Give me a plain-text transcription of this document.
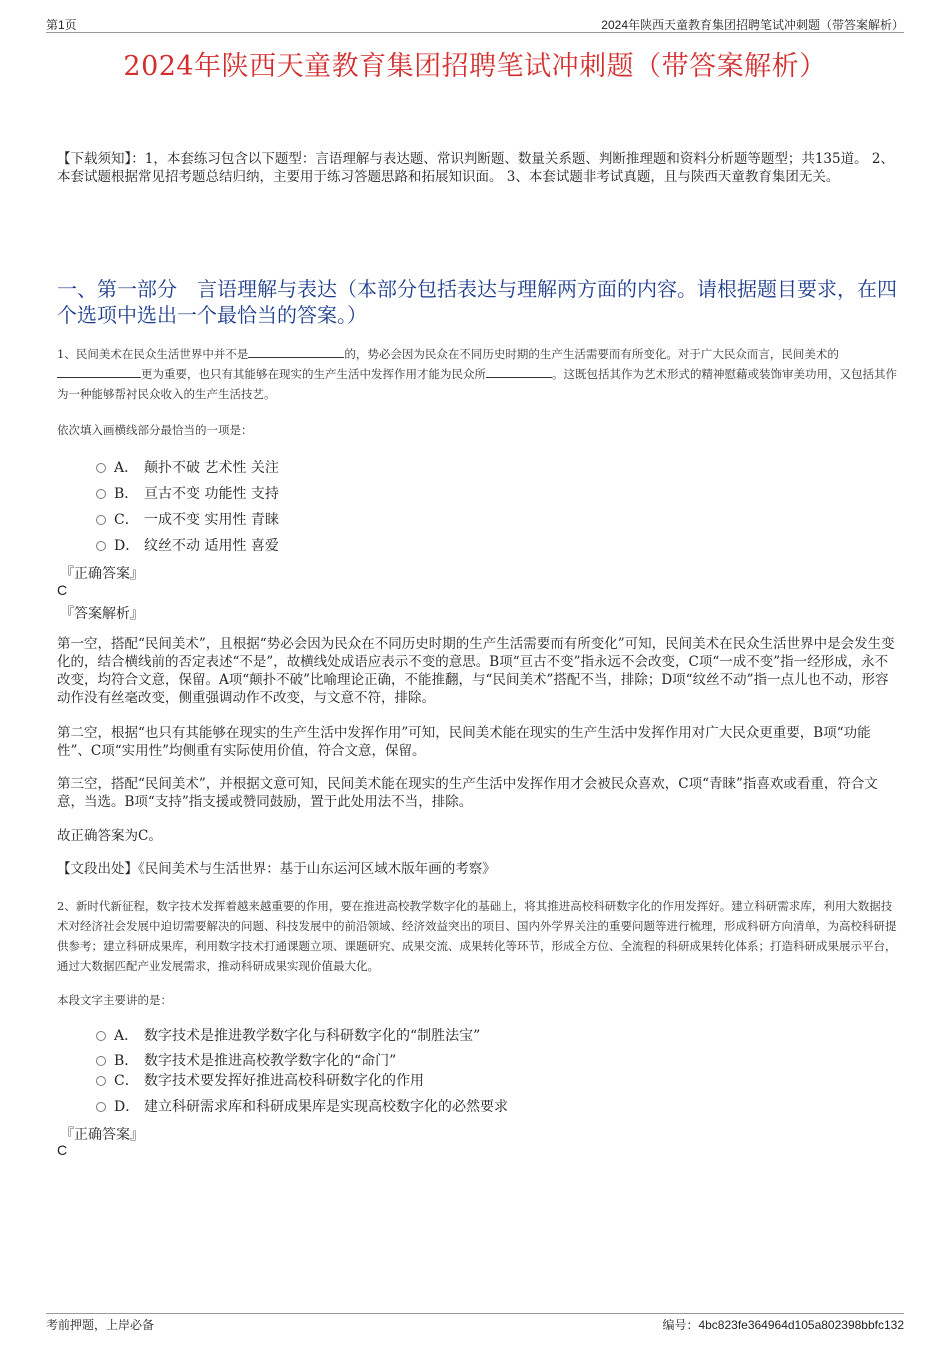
第1页	2024年陕西天童教育集团招聘笔试冲刺题（带答案解析）
2024年陕西天童教育集团招聘笔试冲刺题（带答案解析）
【下载须知】：1，本套练习包含以下题型：言语理解与表达题、常识判断题、数量关系题、判断推理题和资料分析题等题型；共135道。 2、本套试题根据常见招考题总结归纳，主要用于练习答题思路和拓展知识面。 3、本套试题非考试真题，且与陕西天童教育集团无关。
一、第一部分　言语理解与表达（本部分包括表达与理解两方面的内容。请根据题目要求，在四个选项中选出一个最恰当的答案。）
1、民间美术在民众生活世界中并不是	的，势必会因为民众在不同历史时期的生产生活需要而有所变化。对于广大民众而言，民间美术的更为重要，也只有其能够在现实的生产生活中发挥作用才能为民众所	。这既包括其作为艺术形式的精神慰藉或装饰审美功用，又包括其作为一种能够帮衬民众收入的生产生活技艺。
依次填入画横线部分最恰当的一项是：
A． 颠扑不破 艺术性 关注
B． 亘古不变 功能性 支持
C． 一成不变 实用性 青睐
D． 纹丝不动 适用性 喜爱
『正确答案』
C
『答案解析』
第一空，搭配“民间美术”，且根据“势必会因为民众在不同历史时期的生产生活需要而有所变化”可知，民间美术在民众生活世界中是会发生变化的，结合横线前的否定表述“不是”，故横线处成语应表示不变的意思。B项“亘古不变”指永远不会改变，C项“一成不变”指一经形成，永不改变，均符合文意，保留。A项“颠扑不破”比喻理论正确，不能推翻，与“民间美术”搭配不当，排除；D项“纹丝不动”指一点儿也不动，形容动作没有丝毫改变，侧重强调动作不改变，与文意不符，排除。
第二空，根据“也只有其能够在现实的生产生活中发挥作用”可知，民间美术能在现实的生产生活中发挥作用对广大民众更重要，B项“功能性”、C项“实用性”均侧重有实际使用价值，符合文意，保留。
第三空，搭配“民间美术”，并根据文意可知，民间美术能在现实的生产生活中发挥作用才会被民众喜欢，C项“青睐”指喜欢或看重，符合文意，当选。B项“支持”指支援或赞同鼓励，置于此处用法不当，排除。
故正确答案为C。
【文段出处】《民间美术与生活世界：基于山东运河区域木版年画的考察》
2、新时代新征程，数字技术发挥着越来越重要的作用，要在推进高校教学数字化的基础上，将其推进高校科研数字化的作用发挥好。建立科研需求库，利用大数据技术对经济社会发展中迫切需要解决的问题、科技发展中的前沿领域、经济效益突出的项目、国内外学界关注的重要问题等进行梳理，形成科研方向清单，为高校科研提供参考；建立科研成果库，利用数字技术打通课题立项、课题研究、成果交流、成果转化等环节，形成全方位、全流程的科研成果转化体系；打造科研成果展示平台，通过大数据匹配产业发展需求，推动科研成果实现价值最大化。
本段文字主要讲的是：
A． 数字技术是推进教学数字化与科研数字化的“制胜法宝”
B． 数字技术是推进高校教学数字化的“命门”
C． 数字技术要发挥好推进高校科研数字化的作用
D． 建立科研需求库和科研成果库是实现高校数字化的必然要求
『正确答案』
C
考前押题，上岸必备	编号：4bc823fe364964d105a802398bbfc132
